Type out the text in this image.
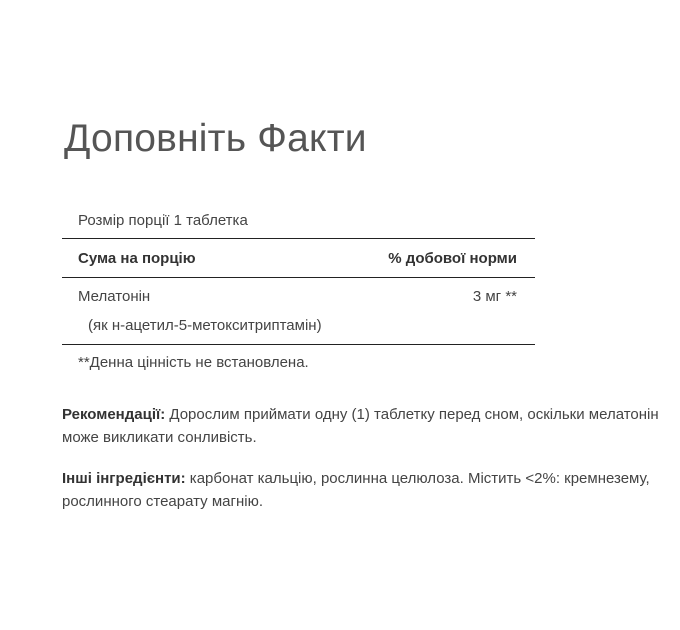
Доповніть Факти
Розмір порції 1 таблетка
Сума на порцію	% добової норми
Мелатонін	3 мг **
(як н-ацетил-5-метокситриптамін)
**Денна цінність не встановлена.
Рекомендації: Дорослим приймати одну (1) таблетку перед сном, оскільки мелатонін може викликати сонливість.
Інші інгредієнти: карбонат кальцію, рослинна целюлоза. Містить <2%: кремнезему, рослинного стеарату магнію.
